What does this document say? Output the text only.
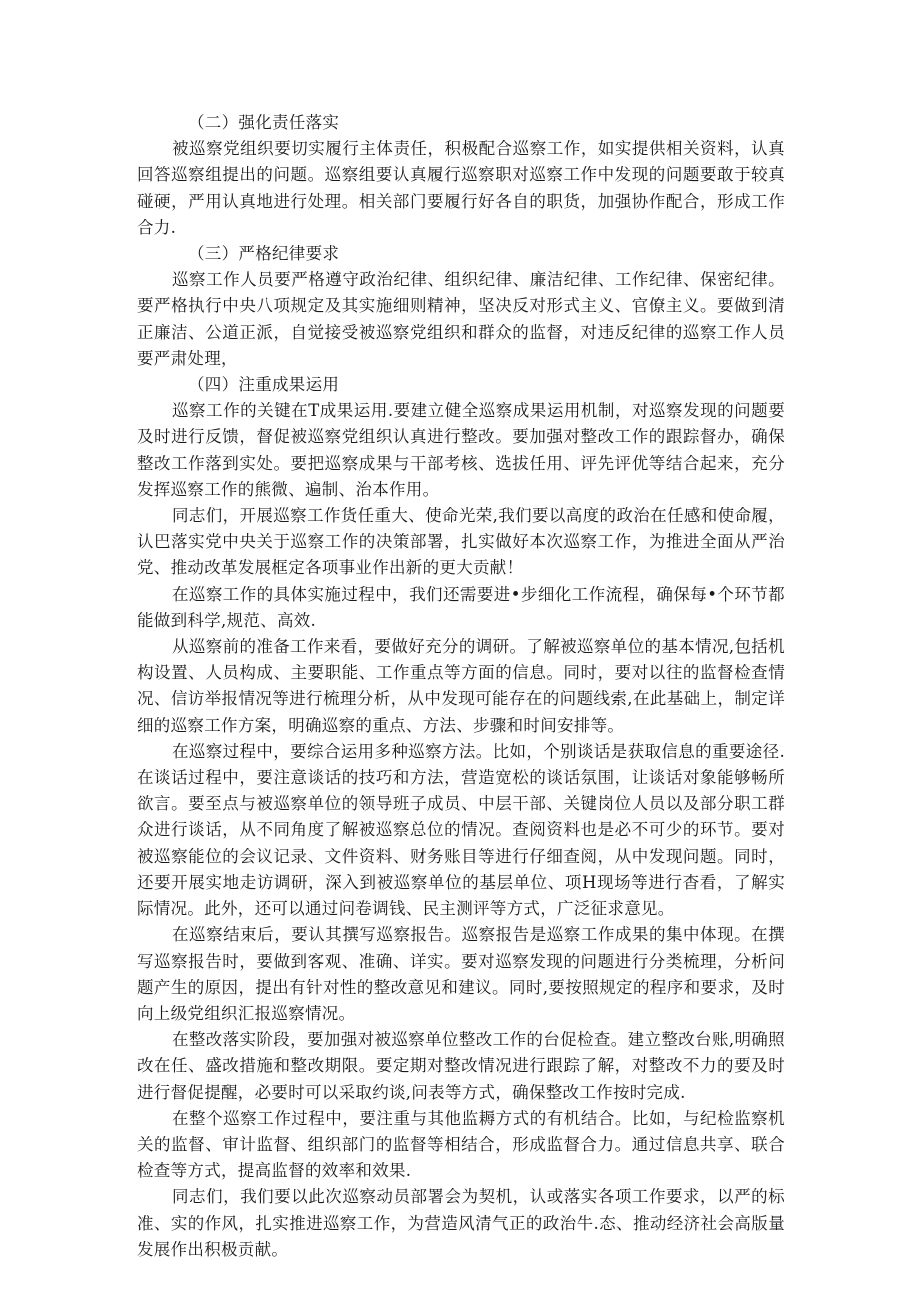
（二）强化责任落实

被巡察党组织要切实履行主体责任，积极配合巡察工作，如实提供相关资料，认真回答巡察组提出的问题。巡察组要认真履行巡察职对巡察工作中发现的问题要敢于较真碰硬，严用认真地进行处理。相关部门要履行好各自的职货，加强协作配合，形成工作合力.

（三）严格纪律要求

巡察工作人员要严格遵守政治纪律、组织纪律、廉洁纪律、工作纪律、保密纪律。要严格执行中央八项规定及其实施细则精神，坚决反对形式主义、官僚主义。要做到清正廉洁、公道正派，自觉接受被巡察党组织和群众的监督，对违反纪律的巡察工作人员要严肃处理，

（四）注重成果运用

巡察工作的关键在T成果运用.要建立健全巡察成果运用机制，对巡察发现的问题要及时进行反馈，督促被巡察党组织认真进行整改。要加强对整改工作的跟踪督办，确保整改工作落到实处。要把巡察成果与干部考核、选拔任用、评先评优等结合起来，充分发挥巡察工作的熊微、遍制、治本作用。

同志们，开展巡察工作货任重大、使命光荣,我们要以高度的政治在任感和使命履，认巴落实党中央关于巡察工作的决策部署，扎实做好本次巡察工作，为推进全面从严治党、推动改革发展框定各项事业作出新的更大贡献！

在巡察工作的具体实施过程中，我们还需要进•步细化工作流程，确保每•个环节都能做到科学,规范、高效.

从巡察前的准备工作来看，要做好充分的调研。了解被巡察单位的基本情况,包括机构设置、人员构成、主要职能、工作重点等方面的信息。同时，要对以往的监督检查情况、信访举报情况等进行梳理分析，从中发现可能存在的问题线索,在此基础上，制定详细的巡察工作方案，明确巡察的重点、方法、步骤和时间安排等。

在巡察过程中，要综合运用多种巡察方法。比如，个别谈话是获取信息的重要途径.在谈话过程中，要注意谈话的技巧和方法，营造宽松的谈话氛围，让谈话对象能够畅所欲言。要至点与被巡察单位的领导班子成员、中层干部、关键岗位人员以及部分职工群众进行谈话，从不同角度了解被巡察总位的情况。查阅资料也是必不可少的环节。要对被巡察能位的会议记录、文件资料、财务账目等进行仔细查阅，从中发现问题。同时，还要开展实地走访调研，深入到被巡察单位的基层单位、项H现场等进行杳看，了解实际情况。此外，还可以通过问卷调钱、民主测评等方式，广泛征求意见。

在巡察结束后，要认其撰写巡察报告。巡察报告是巡察工作成果的集中体现。在撰写巡察报告时，要做到客观、准确、详实。要对巡察发现的问题进行分类梳理，分析问题产生的原因，提出有针对性的整改意见和建议。同时,要按照规定的程序和要求，及时向上级党组织汇报巡察情况。

在整改落实阶段，要加强对被巡察单位整改工作的台促检查。建立整改台账,明确照改在任、盛改措施和整改期限。要定期对整改情况进行跟踪了解，对整改不力的要及时进行督促提醒，必要时可以采取约谈,问表等方式，确保整改工作按时完成.

在整个巡察工作过程中，要注重与其他监耨方式的有机结合。比如，与纪检监察机关的监督、审计监督、组织部门的监督等相结合，形成监督合力。通过信息共享、联合检查等方式，提高监督的效率和效果.

同志们，我们要以此次巡察动员部署会为契机，认或落实各项工作要求，以严的标准、实的作风，扎实推进巡察工作，为营造风清气正的政治牛.态、推动经济社会高版量发展作出积极贡献。
